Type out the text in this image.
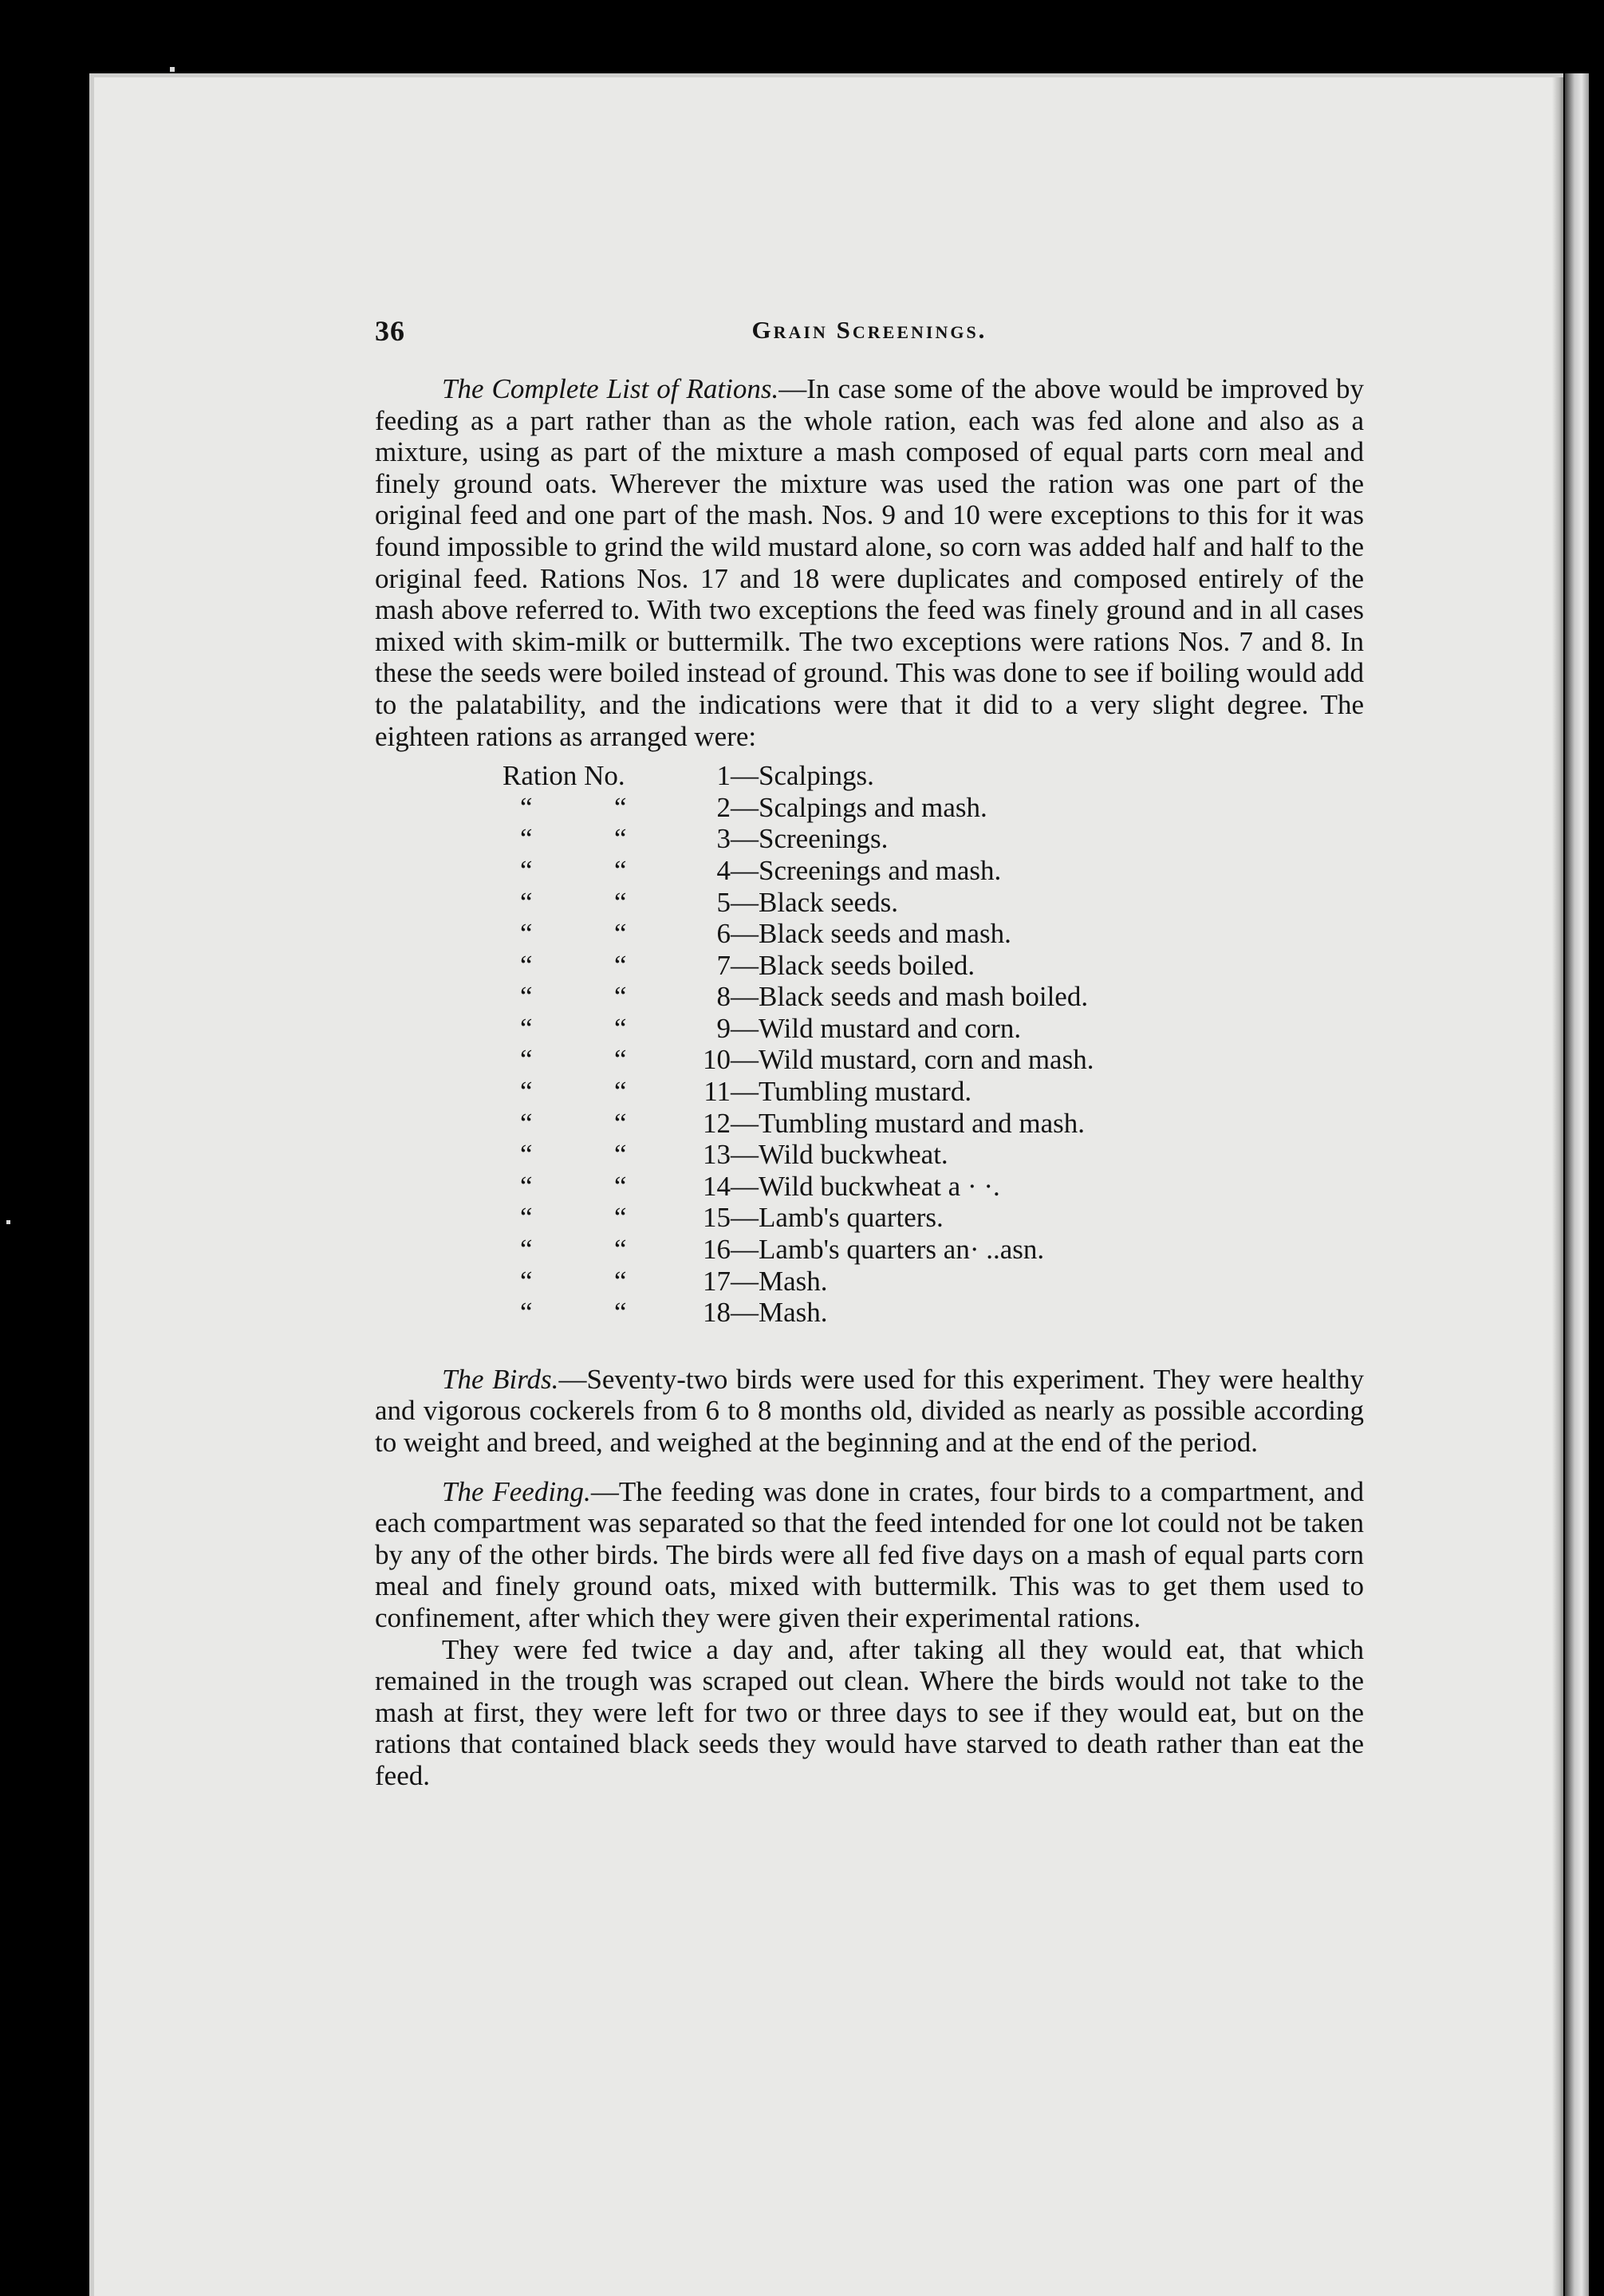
36	Grain Screenings.

The Complete List of Rations.—In case some of the above would be improved by feeding as a part rather than as the whole ration, each was fed alone and also as a mixture, using as part of the mixture a mash composed of equal parts corn meal and finely ground oats. Wherever the mixture was used the ration was one part of the original feed and one part of the mash. Nos. 9 and 10 were exceptions to this for it was found impossible to grind the wild mustard alone, so corn was added half and half to the original feed. Rations Nos. 17 and 18 were duplicates and composed entirely of the mash above referred to. With two exceptions the feed was finely ground and in all cases mixed with skim-milk or buttermilk. The two exceptions were rations Nos. 7 and 8. In these the seeds were boiled instead of ground. This was done to see if boiling would add to the palatability, and the indications were that it did to a very slight degree. The eighteen rations as arranged were:

Ration No.	1 —Scalpings.
“	“	2 —Scalpings and mash.
“	“	3 —Screenings.
“	“	4 —Screenings and mash.
“	“	5 —Black seeds.
“	“	6 —Black seeds and mash.
“	“	7 —Black seeds boiled.
“	“	8 —Black seeds and mash boiled.
“	“	9 —Wild mustard and corn.
“	“	10 —Wild mustard, corn and mash.
“	“	11 —Tumbling mustard.
“	“	12 —Tumbling mustard and mash.
“	“	13 —Wild buckwheat.
“	“	14 —Wild buckwheat a · ·.
“	“	15 —Lamb's quarters.
“	“	16 —Lamb's quarters an· ..asn.
“	“	17 —Mash.
“	“	18 —Mash.

The Birds.—Seventy-two birds were used for this experiment. They were healthy and vigorous cockerels from 6 to 8 months old, divided as nearly as possible according to weight and breed, and weighed at the beginning and at the end of the period.

The Feeding.—The feeding was done in crates, four birds to a compartment, and each compartment was separated so that the feed intended for one lot could not be taken by any of the other birds. The birds were all fed five days on a mash of equal parts corn meal and finely ground oats, mixed with buttermilk. This was to get them used to confinement, after which they were given their experimental rations.

They were fed twice a day and, after taking all they would eat, that which remained in the trough was scraped out clean. Where the birds would not take to the mash at first, they were left for two or three days to see if they would eat, but on the rations that contained black seeds they would have starved to death rather than eat the feed.
